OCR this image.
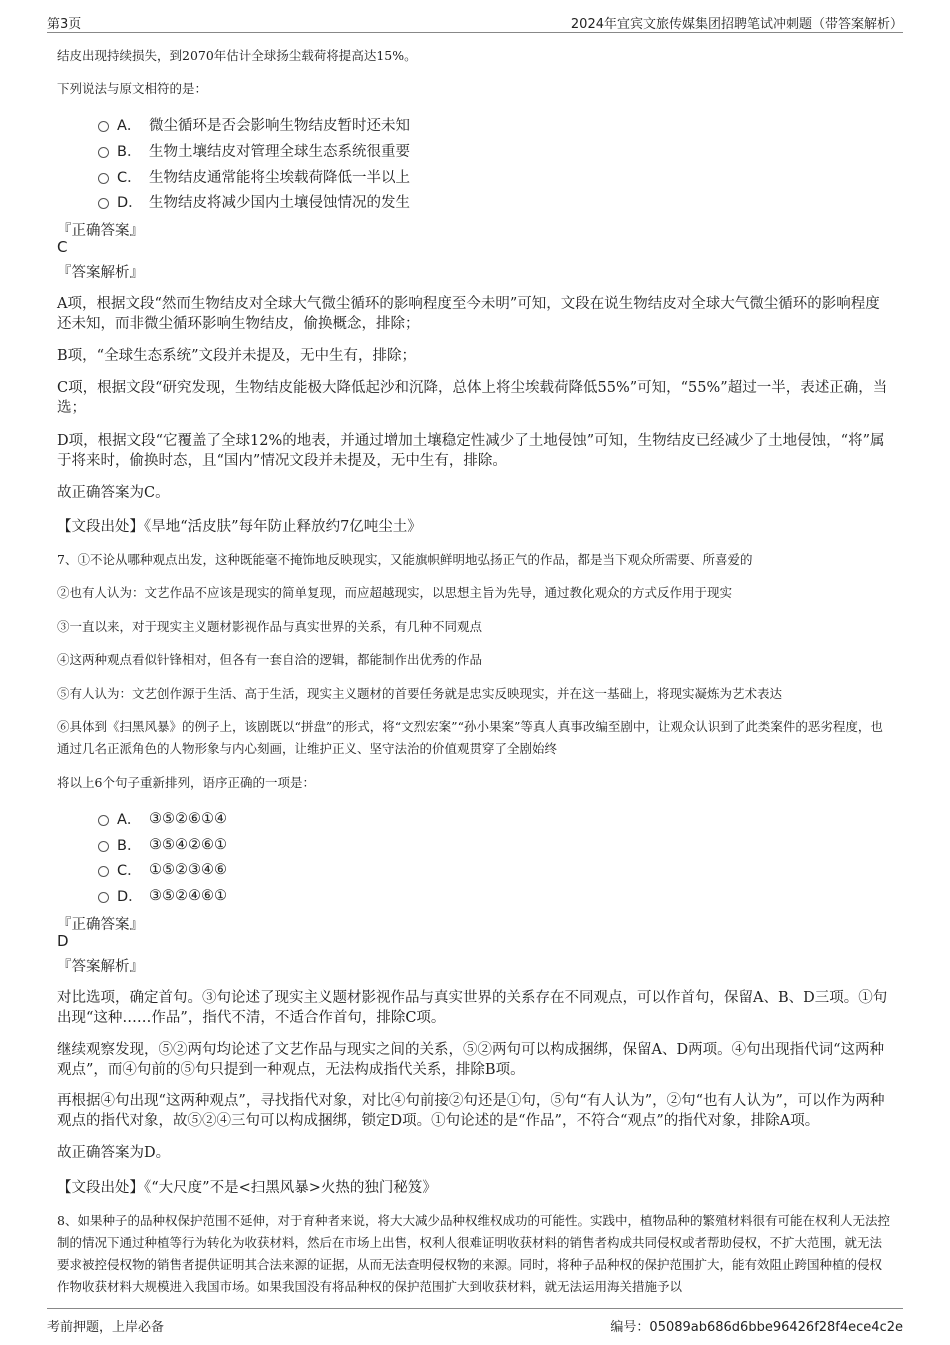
第3页	2024年宜宾文旅传媒集团招聘笔试冲刺题（带答案解析）
结皮出现持续损失，到2070年估计全球扬尘载荷将提高达15%。
下列说法与原文相符的是：
A． 微尘循环是否会影响生物结皮暂时还未知
B． 生物土壤结皮对管理全球生态系统很重要
C． 生物结皮通常能将尘埃载荷降低一半以上
D． 生物结皮将减少国内土壤侵蚀情况的发生
『正确答案』
C
『答案解析』
A项，根据文段“然而生物结皮对全球大气微尘循环的影响程度至今未明”可知，文段在说生物结皮对全球大气微尘循环的影响程度还未知，而非微尘循环影响生物结皮，偷换概念，排除；
B项，“全球生态系统”文段并未提及，无中生有，排除；
C项，根据文段“研究发现，生物结皮能极大降低起沙和沉降，总体上将尘埃载荷降低55%”可知，“55%”超过一半，表述正确，当选；
D项，根据文段“它覆盖了全球12%的地表，并通过增加土壤稳定性减少了土地侵蚀”可知，生物结皮已经减少了土地侵蚀，“将”属于将来时，偷换时态，且“国内”情况文段并未提及，无中生有，排除。
故正确答案为C。
【文段出处】《旱地“活皮肤”每年防止释放约7亿吨尘土》
7、①不论从哪种观点出发，这种既能毫不掩饰地反映现实，又能旗帜鲜明地弘扬正气的作品，都是当下观众所需要、所喜爱的
②也有人认为：文艺作品不应该是现实的简单复现，而应超越现实，以思想主旨为先导，通过教化观众的方式反作用于现实
③一直以来，对于现实主义题材影视作品与真实世界的关系，有几种不同观点
④这两种观点看似针锋相对，但各有一套自洽的逻辑，都能制作出优秀的作品
⑤有人认为：文艺创作源于生活、高于生活，现实主义题材的首要任务就是忠实反映现实，并在这一基础上，将现实凝炼为艺术表达
⑥具体到《扫黑风暴》的例子上，该剧既以“拼盘”的形式，将“文烈宏案”“孙小果案”等真人真事改编至剧中，让观众认识到了此类案件的恶劣程度，也通过几名正派角色的人物形象与内心刻画，让维护正义、坚守法治的价值观贯穿了全剧始终
将以上6个句子重新排列，语序正确的一项是：
A． ③⑤②⑥①④
B． ③⑤④②⑥①
C． ①⑤②③④⑥
D． ③⑤②④⑥①
『正确答案』
D
『答案解析』
对比选项，确定首句。③句论述了现实主义题材影视作品与真实世界的关系存在不同观点，可以作首句，保留A、B、D三项。①句出现“这种……作品”，指代不清，不适合作首句，排除C项。
继续观察发现，⑤②两句均论述了文艺作品与现实之间的关系，⑤②两句可以构成捆绑，保留A、D两项。④句出现指代词“这两种观点”，而④句前的⑤句只提到一种观点，无法构成指代关系，排除B项。
再根据④句出现“这两种观点”，寻找指代对象，对比④句前接②句还是①句，⑤句“有人认为”，②句“也有人认为”，可以作为两种观点的指代对象，故⑤②④三句可以构成捆绑，锁定D项。①句论述的是“作品”，不符合“观点”的指代对象，排除A项。
故正确答案为D。
【文段出处】《“大尺度”不是<扫黑风暴>火热的独门秘笈》
8、如果种子的品种权保护范围不延伸，对于育种者来说，将大大减少品种权维权成功的可能性。实践中，植物品种的繁殖材料很有可能在权利人无法控制的情况下通过种植等行为转化为收获材料，然后在市场上出售，权利人很难证明收获材料的销售者构成共同侵权或者帮助侵权，不扩大范围，就无法要求被控侵权物的销售者提供证明其合法来源的证据，从而无法查明侵权物的来源。同时，将种子品种权的保护范围扩大，能有效阻止跨国种植的侵权作物收获材料大规模进入我国市场。如果我国没有将品种权的保护范围扩大到收获材料，就无法运用海关措施予以
考前押题，上岸必备	编号：05089ab686d6bbe96426f28f4ece4c2e
